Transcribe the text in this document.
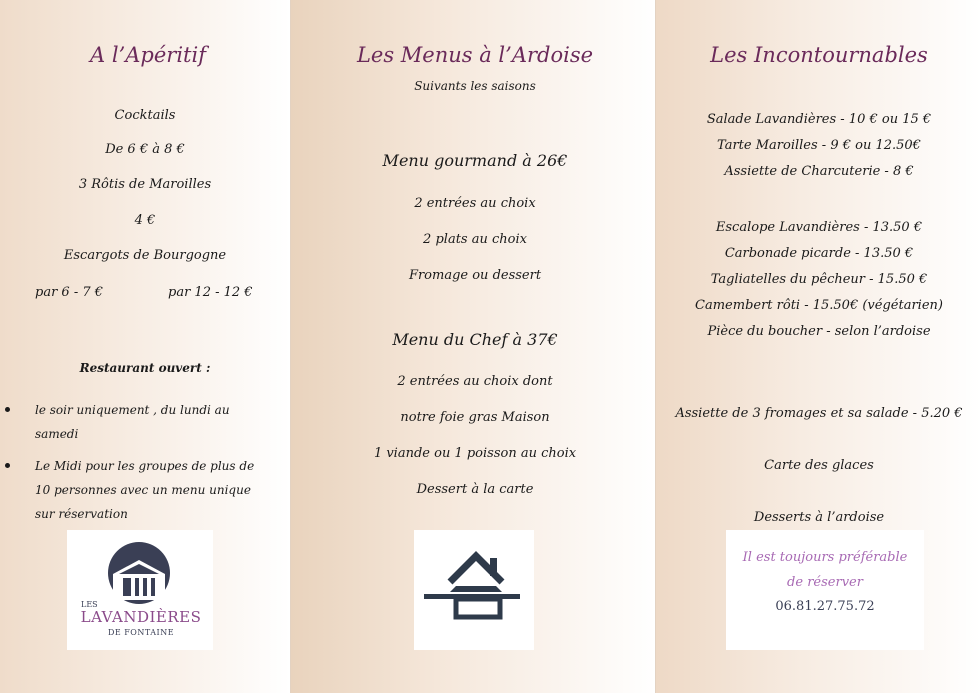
A l’Apéritif
Cocktails
De 6 € à 8 €
3 Rôtis de Maroilles
4 €
Escargots de Bourgogne
par 6 - 7 €	par 12 - 12 €
Restaurant ouvert :
le soir uniquement , du lundi au
samedi
Le Midi pour les groupes de plus de
10 personnes avec un menu unique
sur réservation
LES
LAVANDIÈRES
DE FONTAINE
Les Menus à l’Ardoise
Suivants les saisons
Menu gourmand à 26€
2 entrées au choix
2 plats au choix
Fromage ou dessert
Menu du Chef à 37€
2 entrées au choix dont
notre foie gras Maison
1 viande ou 1 poisson au choix
Dessert à la carte
Les Incontournables
Salade Lavandières - 10 € ou 15 €
Tarte Maroilles - 9 € ou 12.50€
Assiette de Charcuterie - 8 €
Escalope Lavandières - 13.50 €
Carbonade picarde - 13.50 €
Tagliatelles du pêcheur - 15.50 €
Camembert rôti - 15.50€ (végétarien)
Pièce du boucher - selon l’ardoise
Assiette de 3 fromages et sa salade - 5.20 €
Carte des glaces
Desserts à l’ardoise
Il est toujours préférable
de réserver
06.81.27.75.72
